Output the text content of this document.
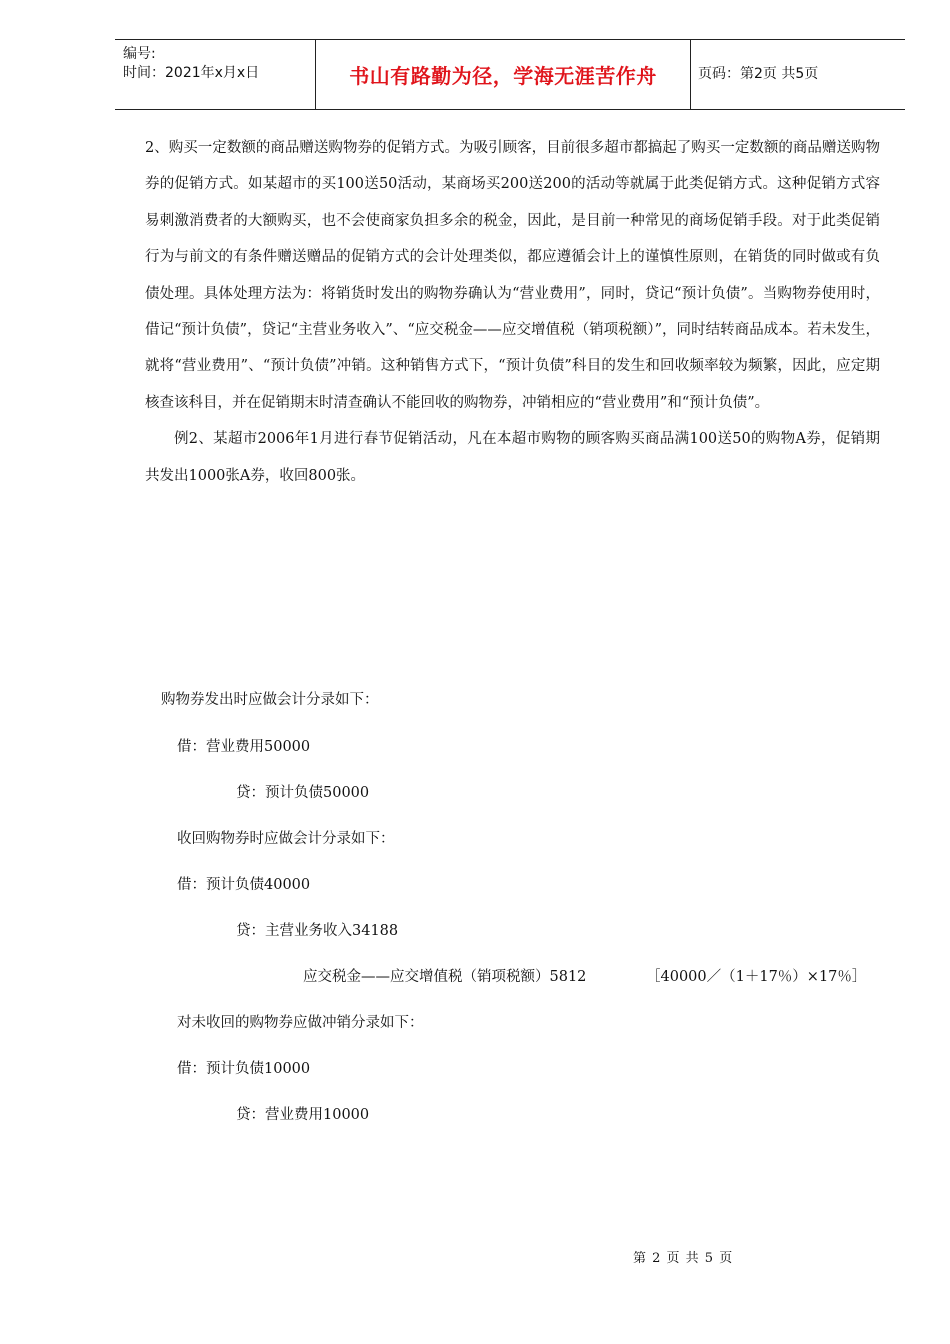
编号:
时间：2021年x月x日	书山有路勤为径，学海无涯苦作舟	页码：第2页 共5页

2、购买一定数额的商品赠送购物券的促销方式。为吸引顾客，目前很多超市都搞起了购买一定数额的商品赠送购物券的促销方式。如某超市的买100送50活动，某商场买200送200的活动等就属于此类促销方式。这种促销方式容易刺激消费者的大额购买，也不会使商家负担多余的税金，因此，是目前一种常见的商场促销手段。对于此类促销行为与前文的有条件赠送赠品的促销方式的会计处理类似，都应遵循会计上的谨慎性原则，在销货的同时做或有负债处理。具体处理方法为：将销货时发出的购物券确认为“营业费用”，同时，贷记“预计负债”。当购物券使用时，借记“预计负债”，贷记“主营业务收入”、“应交税金——应交增值税（销项税额）”，同时结转商品成本。若未发生，就将“营业费用”、“预计负债”冲销。这种销售方式下，“预计负债”科目的发生和回收频率较为频繁，因此，应定期核查该科目，并在促销期末时清查确认不能回收的购物券，冲销相应的“营业费用”和“预计负债”。

例2、某超市2006年1月进行春节促销活动，凡在本超市购物的顾客购买商品满100送50的购物A券，促销期共发出1000张A券，收回800张。

购物券发出时应做会计分录如下：
借：营业费用50000
贷：预计负债50000
收回购物券时应做会计分录如下：
借：预计负债40000
贷：主营业务收入34188
应交税金——应交增值税（销项税额）5812	［40000／（1＋17％）×17％］
对未收回的购物券应做冲销分录如下：
借：预计负债10000
贷：营业费用10000
第 2 页 共 5 页
